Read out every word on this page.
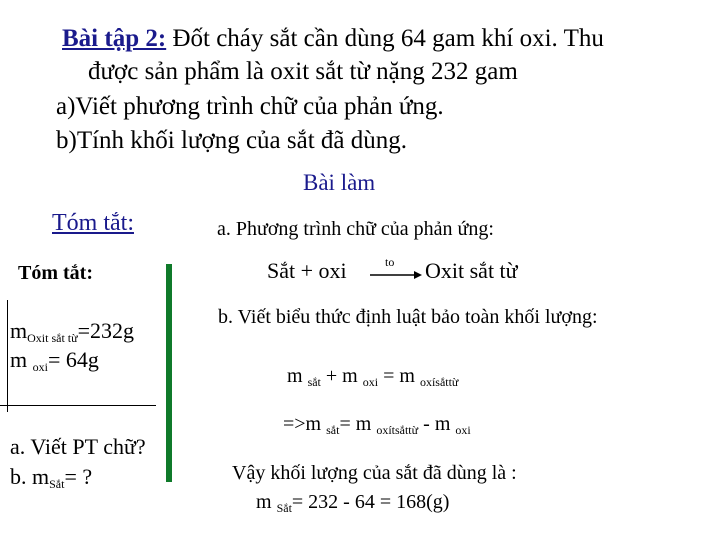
Bài tập 2: Đốt cháy sắt cần dùng 64 gam khí oxi. Thu
được sản phẩm là oxit sắt từ nặng 232 gam
a)Viết phương trình chữ của phản ứng.
b)Tính khối lượng của sắt đã dùng.
Bài làm
Tóm tắt:
Tóm tắt:
$m_{Oxit sắt từ}=232g$
m $_{oxi}$= 64g
a. Viết PT chữ?
b. $m_{Sắt}=$ ?
a. Phương trình chữ của phản ứng:
Sắt + oxi	to → Oxit sắt từ
b. Viết biểu thức định luật bảo toàn khối lượng:
m $_{sắt}$ + m $_{oxi}$ = m $_{oxísắttừ}$
=>m $_{sắt}$= m $_{oxítsắttừ}$ - m $_{oxi}$
Vậy khối lượng của sắt đã dùng là :
m $_{Sắt}$= 232 - 64 = 168(g)
